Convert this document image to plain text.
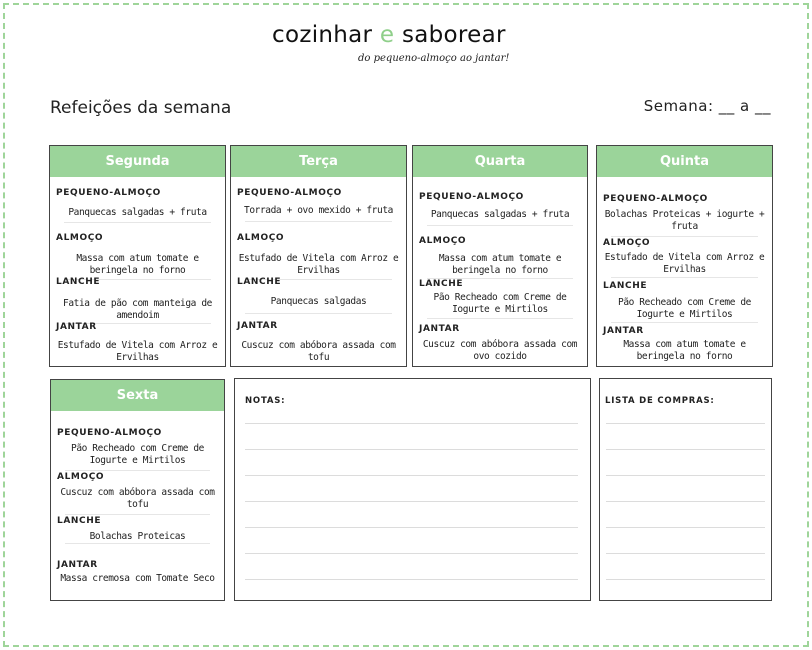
cozinhar e saborear
do pequeno-almoço ao jantar!
Refeições da semana	Semana: __ a __
Segunda
PEQUENO-ALMOÇO
Panquecas salgadas + fruta
ALMOÇO
Massa com atum tomate e beringela no forno
LANCHE
Fatia de pão com manteiga de amendoim
JANTAR
Estufado de Vitela com Arroz e Ervilhas
Terça
PEQUENO-ALMOÇO
Torrada + ovo mexido + fruta
ALMOÇO
Estufado de Vitela com Arroz e Ervilhas
LANCHE
Panquecas salgadas
JANTAR
Cuscuz com abóbora assada com tofu
Quarta
PEQUENO-ALMOÇO
Panquecas salgadas + fruta
ALMOÇO
Massa com atum tomate e beringela no forno
LANCHE
Pão Recheado com Creme de Iogurte e Mirtilos
JANTAR
Cuscuz com abóbora assada com ovo cozido
Quinta
PEQUENO-ALMOÇO
Bolachas Proteicas + iogurte + fruta
ALMOÇO
Estufado de Vitela com Arroz e Ervilhas
LANCHE
Pão Recheado com Creme de Iogurte e Mirtilos
JANTAR
Massa com atum tomate e beringela no forno
Sexta
PEQUENO-ALMOÇO
Pão Recheado com Creme de Iogurte e Mirtilos
ALMOÇO
Cuscuz com abóbora assada com tofu
LANCHE
Bolachas Proteicas
JANTAR
Massa cremosa com Tomate Seco
NOTAS:	LISTA DE COMPRAS:
